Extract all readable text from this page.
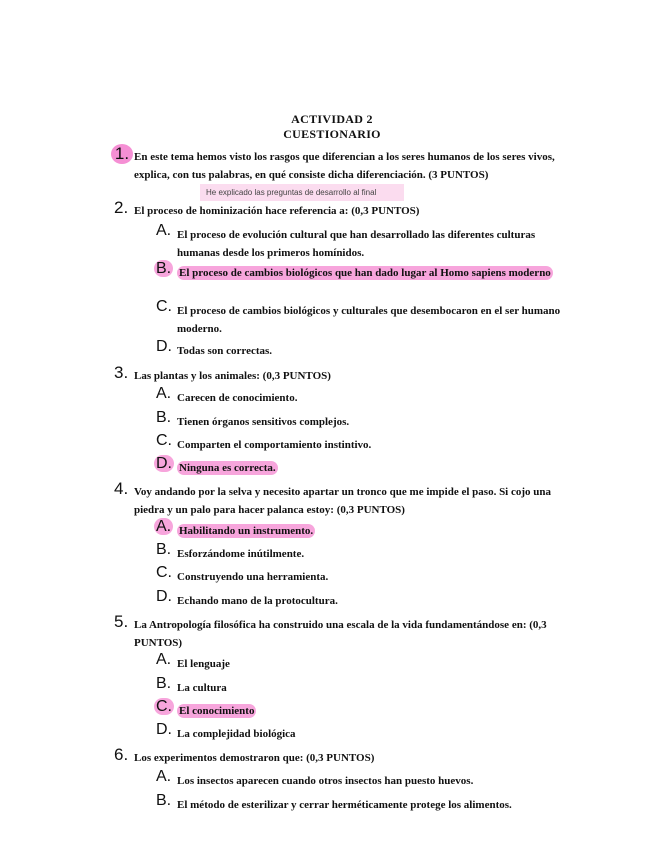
ACTIVIDAD 2
CUESTIONARIO
1. En este tema hemos visto los rasgos que diferencian a los seres humanos de los seres vivos, explica, con tus palabras, en qué consiste dicha diferenciación. (3 PUNTOS)
He explicado las preguntas de desarrollo al final
2. El proceso de hominización hace referencia a: (0,3 PUNTOS)
A. El proceso de evolución cultural que han desarrollado las diferentes culturas humanas desde los primeros homínidos.
B. El proceso de cambios biológicos que han dado lugar al Homo sapiens moderno
C. El proceso de cambios biológicos y culturales que desembocaron en el ser humano moderno.
D. Todas son correctas.
3. Las plantas y los animales: (0,3 PUNTOS)
A. Carecen de conocimiento.
B. Tienen órganos sensitivos complejos.
C. Comparten el comportamiento instintivo.
D. Ninguna es correcta.
4. Voy andando por la selva y necesito apartar un tronco que me impide el paso. Si cojo una piedra y un palo para hacer palanca estoy: (0,3 PUNTOS)
A. Habilitando un instrumento.
B. Esforzándome inútilmente.
C. Construyendo una herramienta.
D. Echando mano de la protocultura.
5. La Antropología filosófica ha construido una escala de la vida fundamentándose en: (0,3 PUNTOS)
A. El lenguaje
B. La cultura
C. El conocimiento
D. La complejidad biológica
6. Los experimentos demostraron que: (0,3 PUNTOS)
A. Los insectos aparecen cuando otros insectos han puesto huevos.
B. El método de esterilizar y cerrar herméticamente protege los alimentos.
